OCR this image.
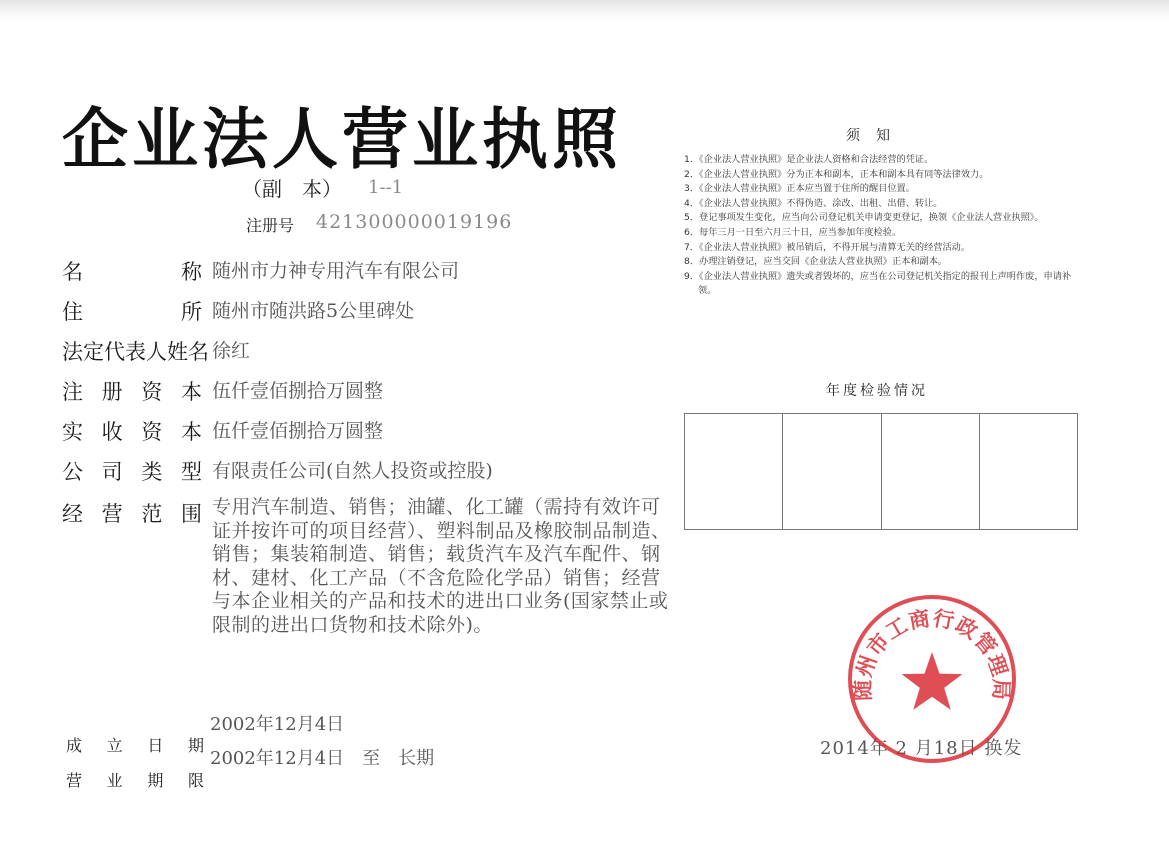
企业法人营业执照
（副　本） 1--1
注册号 421300000019196
名称 随州市力神专用汽车有限公司
住所 随州市随洪路5公里碑处
法定代表人姓名 徐红
注册资本 伍仟壹佰捌拾万圆整
实收资本 伍仟壹佰捌拾万圆整
公司类型 有限责任公司(自然人投资或控股)
经营范围 专用汽车制造、销售；油罐、化工罐（需持有效许可证并按许可的项目经营）、塑料制品及橡胶制品制造、销售；集装箱制造、销售；载货汽车及汽车配件、钢材、建材、化工产品（不含危险化学品）销售；经营与本企业相关的产品和技术的进出口业务(国家禁止或限制的进出口货物和技术除外)。
成立日期
2002年12月4日
营业期限
2002年12月4日　至　长期
须知
1．《企业法人营业执照》是企业法人资格和合法经营的凭证。
2．《企业法人营业执照》分为正本和副本，正本和副本具有同等法律效力。
3．《企业法人营业执照》正本应当置于住所的醒目位置。
4．《企业法人营业执照》不得伪造、涂改、出租、出借、转让。
5．登记事项发生变化，应当向公司登记机关申请变更登记，换领《企业法人营业执照》。
6．每年三月一日至六月三十日，应当参加年度检验。
7．《企业法人营业执照》被吊销后，不得开展与清算无关的经营活动。
8．办理注销登记，应当交回《企业法人营业执照》正本和副本。
9．《企业法人营业执照》遗失或者毁坏的，应当在公司登记机关指定的报刊上声明作废，申请补领。
年度检验情况
2014年 2 月18日 换发
随州市工商行政管理局
